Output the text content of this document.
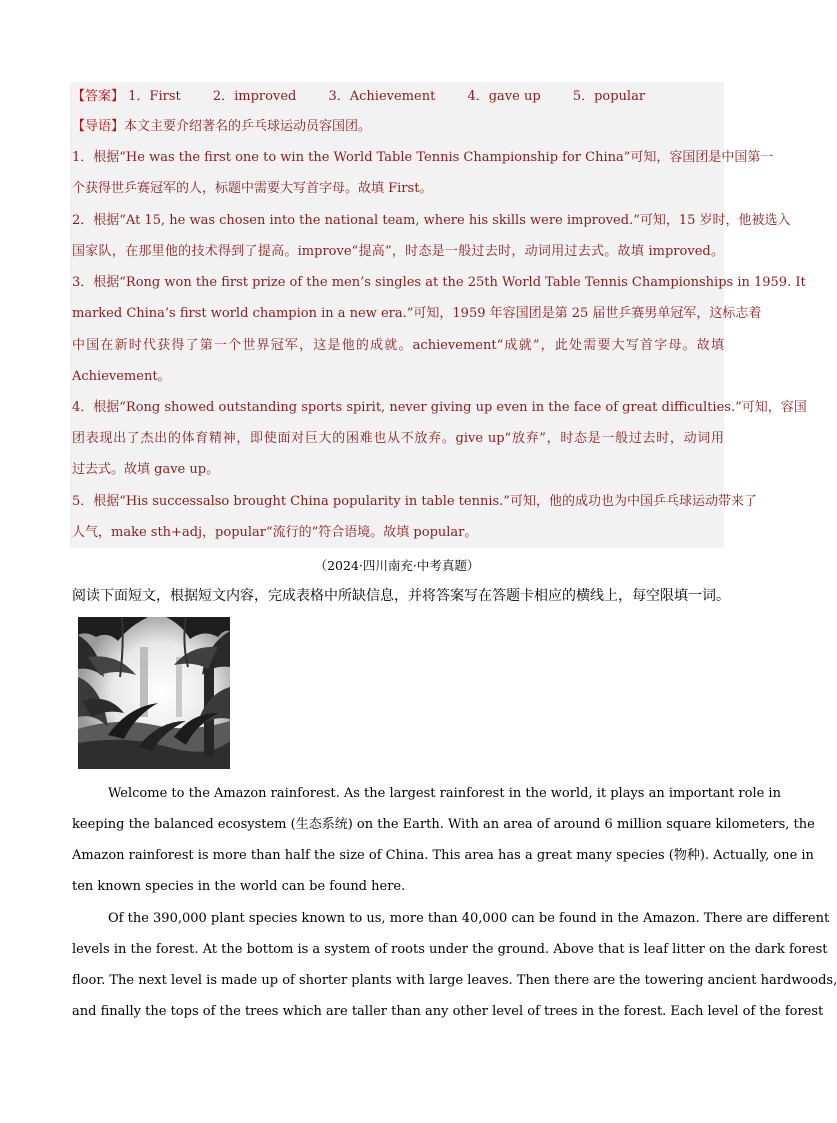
【答案】 1．First 2．improved 3．Achievement 4．gave up 5．popular
【导语】本文主要介绍著名的乒乓球运动员容国团。
1．根据“He was the first one to win the World Table Tennis Championship for China”可知，容国团是中国第一
个获得世乒赛冠军的人，标题中需要大写首字母。故填 First。
2．根据“At 15, he was chosen into the national team, where his skills were improved.”可知，15 岁时，他被选入
国家队，在那里他的技术得到了提高。improve“提高”，时态是一般过去时，动词用过去式。故填 improved。
3．根据“Rong won the first prize of the men’s singles at the 25th World Table Tennis Championships in 1959. It
marked China’s first world champion in a new era.”可知，1959 年容国团是第 25 届世乒赛男单冠军，这标志着
中国在新时代获得了第一个世界冠军，这是他的成就。achievement“成就”，此处需要大写首字母。故填
Achievement。
4．根据“Rong showed outstanding sports spirit, never giving up even in the face of great difficulties.”可知，容国
团表现出了杰出的体育精神，即使面对巨大的困难也从不放弃。give up“放弃”，时态是一般过去时，动词用
过去式。故填 gave up。
5．根据“His successalso brought China popularity in table tennis.”可知，他的成功也为中国乒乓球运动带来了
人气，make sth+adj，popular“流行的”符合语境。故填 popular。
（2024·四川南充·中考真题）
阅读下面短文，根据短文内容，完成表格中所缺信息，并将答案写在答题卡相应的横线上，每空限填一词。
Welcome to the Amazon rainforest. As the largest rainforest in the world, it plays an important role in
keeping the balanced ecosystem (生态系统) on the Earth. With an area of around 6 million square kilometers, the
Amazon rainforest is more than half the size of China. This area has a great many species (物种). Actually, one in
ten known species in the world can be found here.
Of the 390,000 plant species known to us, more than 40,000 can be found in the Amazon. There are different
levels in the forest. At the bottom is a system of roots under the ground. Above that is leaf litter on the dark forest
floor. The next level is made up of shorter plants with large leaves. Then there are the towering ancient hardwoods,
and finally the tops of the trees which are taller than any other level of trees in the forest. Each level of the forest
